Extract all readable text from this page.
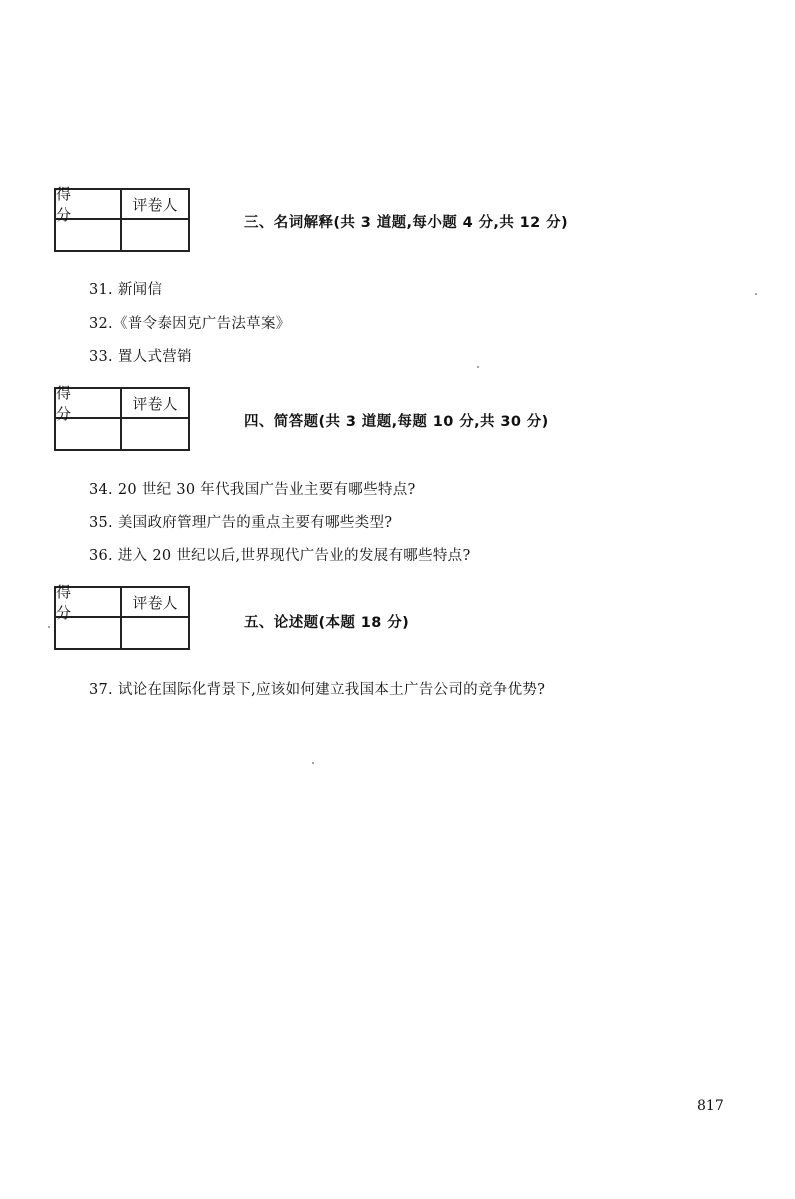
得 分
评卷人
三、名词解释(共 3 道题,每小题 4 分,共 12 分)
31. 新闻信
32.《普令泰因克广告法草案》
33. 置人式营销
得 分
评卷人
四、简答题(共 3 道题,每题 10 分,共 30 分)
34. 20 世纪 30 年代我国广告业主要有哪些特点?
35. 美国政府管理广告的重点主要有哪些类型?
36. 进入 20 世纪以后,世界现代广告业的发展有哪些特点?
得 分
评卷人
五、论述题(本题 18 分)
37. 试论在国际化背景下,应该如何建立我国本土广告公司的竞争优势?
817
